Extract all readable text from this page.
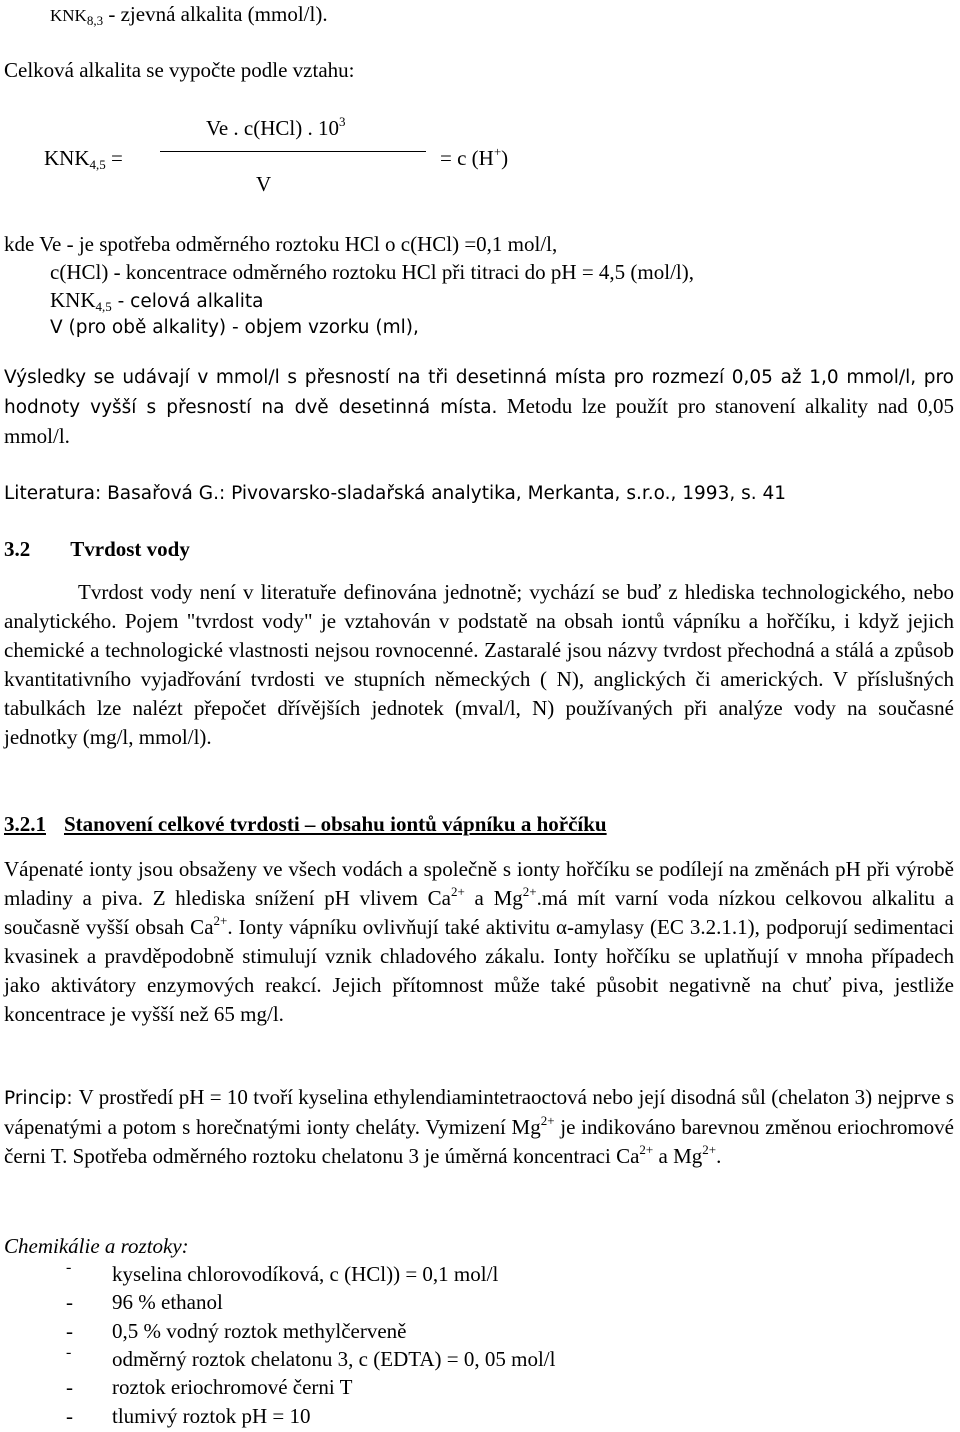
$KNK_{8,3}$ - zjevná alkalita (mmol/l).
Celková alkalita se vypočte podle vztahu:
Ve . c(HCl) . $10^3$
$KNK_{4,5}$ =	= c (H+)
V
kde Ve - je spotřeba odměrného roztoku HCl o c(HCl) =0,1 mol/l,
c(HCl) - koncentrace odměrného roztoku HCl při titraci do pH = 4,5 (mol/l),
$KNK_{4,5}$ - celová alkalita
V (pro obě alkality) - objem vzorku (ml),
Výsledky se udávají v mmol/l s přesností na tři desetinná místa pro rozmezí 0,05 až 1,0 mmol/l, pro hodnoty vyšší s přesností na dvě desetinná místa. Metodu lze použít pro stanovení alkality nad 0,05 mmol/l.
Literatura: Basařová G.: Pivovarsko-sladařská analytika, Merkanta, s.r.o., 1993, s. 41
3.2 Tvrdost vody
Tvrdost vody není v literatuře definována jednotně; vychází se buď z hlediska technologického, nebo analytického. Pojem "tvrdost vody" je vztahován v podstatě na obsah iontů vápníku a hořčíku, i když jejich chemické a technologické vlastnosti nejsou rovnocenné. Zastaralé jsou názvy tvrdost přechodná a stálá a způsob kvantitativního vyjadřování tvrdosti ve stupních německých ( N), anglických či amerických. V příslušných tabulkách lze nalézt přepočet dřívějších jednotek (mval/l, N) používaných při analýze vody na současné jednotky (mg/l, mmol/l).
3.2.1 Stanovení celkové tvrdosti – obsahu iontů vápníku a hořčíku
Vápenaté ionty jsou obsaženy ve všech vodách a společně s ionty hořčíku se podílejí na změnách pH při výrobě mladiny a piva. Z hlediska snížení pH vlivem $Ca^{2+}$ a $Mg^{2+}.má$ mít varní voda nízkou celkovou alkalitu a současně vyšší obsah $Ca^{2+}$. Ionty vápníku ovlivňují také aktivitu α-amylasy (EC 3.2.1.1), podporují sedimentaci kvasinek a pravděpodobně stimulují vznik chladového zákalu. Ionty hořčíku se uplatňují v mnoha případech jako aktivátory enzymových reakcí. Jejich přítomnost může také působit negativně na chuť piva, jestliže koncentrace je vyšší než 65 mg/l.
Princip: V prostředí pH = 10 tvoří kyselina ethylendiamintetraoctová nebo její disodná sůl (chelaton 3) nejprve s vápenatými a potom s horečnatými ionty cheláty. Vymizení $Mg^{2+}$ je indikováno barevnou změnou eriochromové černi T. Spotřeba odměrného roztoku chelatonu 3 je úměrná koncentraci $Ca^{2+}$ a $Mg^{2+}$.
Chemikálie a roztoky:
- kyselina chlorovodíková, c (HCl)) = 0,1 mol/l
- 96 % ethanol
- 0,5 % vodný roztok methylčerveně
- odměrný roztok chelatonu 3, c (EDTA) = 0, 05 mol/l
- roztok eriochromové černi T
- tlumivý roztok pH = 10
